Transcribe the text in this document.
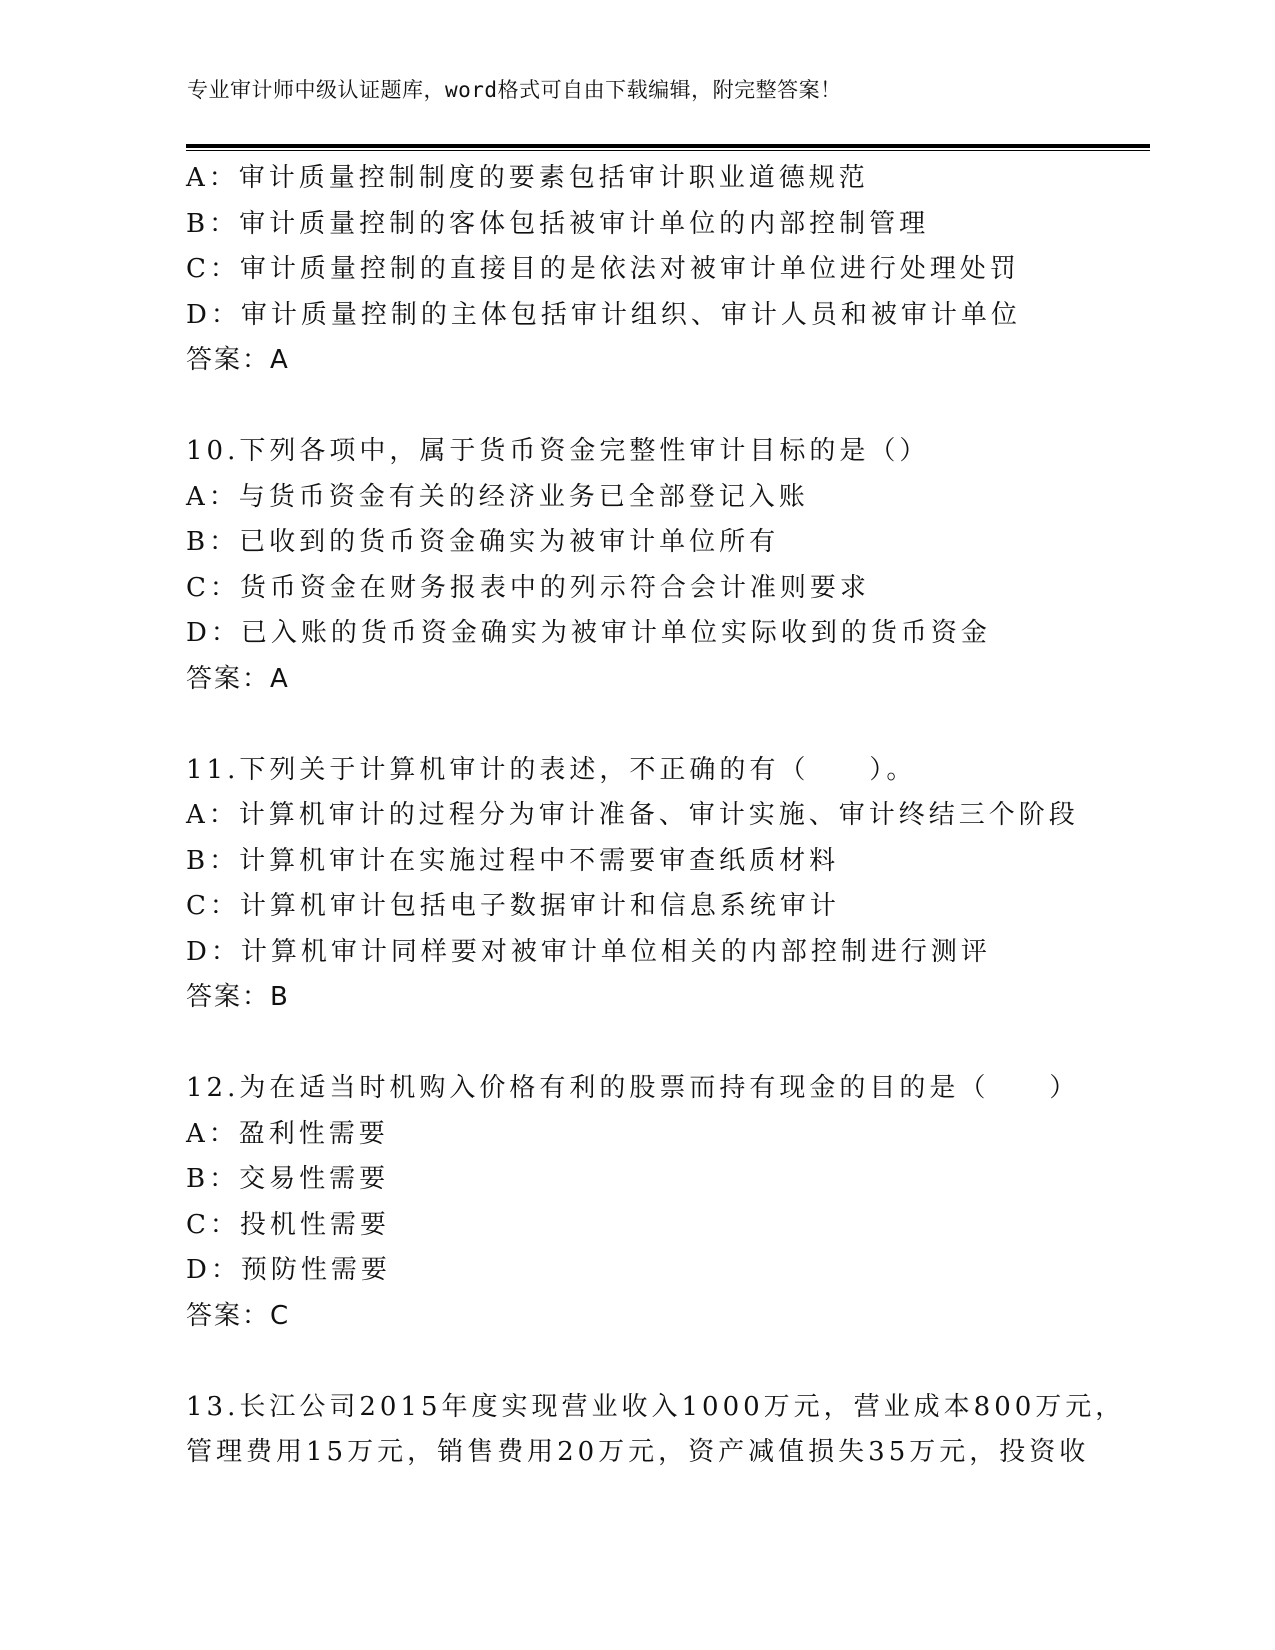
专业审计师中级认证题库，word格式可自由下载编辑，附完整答案！
A：审计质量控制制度的要素包括审计职业道德规范
B：审计质量控制的客体包括被审计单位的内部控制管理
C：审计质量控制的直接目的是依法对被审计单位进行处理处罚
D：审计质量控制的主体包括审计组织、审计人员和被审计单位
答案：A
10.下列各项中，属于货币资金完整性审计目标的是（）
A：与货币资金有关的经济业务已全部登记入账
B：已收到的货币资金确实为被审计单位所有
C：货币资金在财务报表中的列示符合会计准则要求
D：已入账的货币资金确实为被审计单位实际收到的货币资金
答案：A
11.下列关于计算机审计的表述，不正确的有（　　）。
A：计算机审计的过程分为审计准备、审计实施、审计终结三个阶段
B：计算机审计在实施过程中不需要审查纸质材料
C：计算机审计包括电子数据审计和信息系统审计
D：计算机审计同样要对被审计单位相关的内部控制进行测评
答案：B
12.为在适当时机购入价格有利的股票而持有现金的目的是（　　）
A：盈利性需要
B：交易性需要
C：投机性需要
D：预防性需要
答案：C
13.长江公司2015年度实现营业收入1000万元，营业成本800万元，
管理费用15万元，销售费用20万元，资产减值损失35万元，投资收
